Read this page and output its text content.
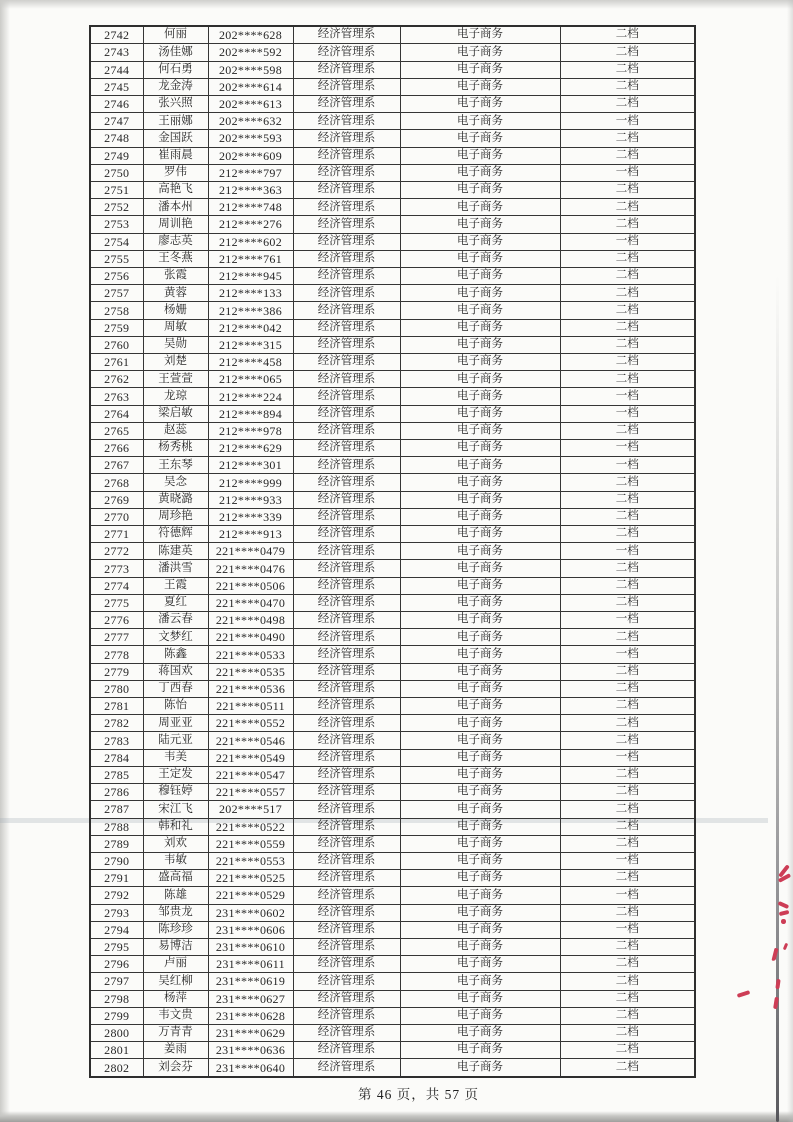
2742	何丽	202****628	经济管理系	电子商务	二档
2743	汤佳娜	202****592	经济管理系	电子商务	二档
2744	何石勇	202****598	经济管理系	电子商务	二档
2745	龙金涛	202****614	经济管理系	电子商务	二档
2746	张兴照	202****613	经济管理系	电子商务	二档
2747	王丽娜	202****632	经济管理系	电子商务	一档
2748	金国跃	202****593	经济管理系	电子商务	二档
2749	崔雨晨	202****609	经济管理系	电子商务	二档
2750	罗伟	212****797	经济管理系	电子商务	一档
2751	高艳飞	212****363	经济管理系	电子商务	二档
2752	潘本州	212****748	经济管理系	电子商务	二档
2753	周训艳	212****276	经济管理系	电子商务	二档
2754	廖志英	212****602	经济管理系	电子商务	一档
2755	王冬燕	212****761	经济管理系	电子商务	二档
2756	张霞	212****945	经济管理系	电子商务	二档
2757	黄蓉	212****133	经济管理系	电子商务	二档
2758	杨姗	212****386	经济管理系	电子商务	二档
2759	周敏	212****042	经济管理系	电子商务	二档
2760	吴勋	212****315	经济管理系	电子商务	二档
2761	刘楚	212****458	经济管理系	电子商务	二档
2762	王萱萱	212****065	经济管理系	电子商务	二档
2763	龙琼	212****224	经济管理系	电子商务	一档
2764	梁启敏	212****894	经济管理系	电子商务	一档
2765	赵蕊	212****978	经济管理系	电子商务	二档
2766	杨秀桃	212****629	经济管理系	电子商务	一档
2767	王东琴	212****301	经济管理系	电子商务	一档
2768	吴念	212****999	经济管理系	电子商务	二档
2769	黄晓潞	212****933	经济管理系	电子商务	二档
2770	周珍艳	212****339	经济管理系	电子商务	二档
2771	符德辉	212****913	经济管理系	电子商务	二档
2772	陈建英	221****0479	经济管理系	电子商务	一档
2773	潘洪雪	221****0476	经济管理系	电子商务	二档
2774	王霞	221****0506	经济管理系	电子商务	二档
2775	夏红	221****0470	经济管理系	电子商务	二档
2776	潘云春	221****0498	经济管理系	电子商务	一档
2777	文梦红	221****0490	经济管理系	电子商务	二档
2778	陈鑫	221****0533	经济管理系	电子商务	一档
2779	蒋国欢	221****0535	经济管理系	电子商务	二档
2780	丁西春	221****0536	经济管理系	电子商务	二档
2781	陈怡	221****0511	经济管理系	电子商务	二档
2782	周亚亚	221****0552	经济管理系	电子商务	二档
2783	陆元亚	221****0546	经济管理系	电子商务	二档
2784	韦美	221****0549	经济管理系	电子商务	一档
2785	王定发	221****0547	经济管理系	电子商务	二档
2786	穆钰婷	221****0557	经济管理系	电子商务	二档
2787	宋江飞	202****517	经济管理系	电子商务	二档
2788	韩和礼	221****0522	经济管理系	电子商务	二档
2789	刘欢	221****0559	经济管理系	电子商务	二档
2790	韦敏	221****0553	经济管理系	电子商务	一档
2791	盛高福	221****0525	经济管理系	电子商务	二档
2792	陈雄	221****0529	经济管理系	电子商务	一档
2793	邹贵龙	231****0602	经济管理系	电子商务	二档
2794	陈珍珍	231****0606	经济管理系	电子商务	一档
2795	易博洁	231****0610	经济管理系	电子商务	二档
2796	卢丽	231****0611	经济管理系	电子商务	二档
2797	吴红柳	231****0619	经济管理系	电子商务	二档
2798	杨萍	231****0627	经济管理系	电子商务	二档
2799	韦文贵	231****0628	经济管理系	电子商务	二档
2800	万青青	231****0629	经济管理系	电子商务	二档
2801	姜雨	231****0636	经济管理系	电子商务	二档
2802	刘会芬	231****0640	经济管理系	电子商务	二档
第 46 页，共 57 页
